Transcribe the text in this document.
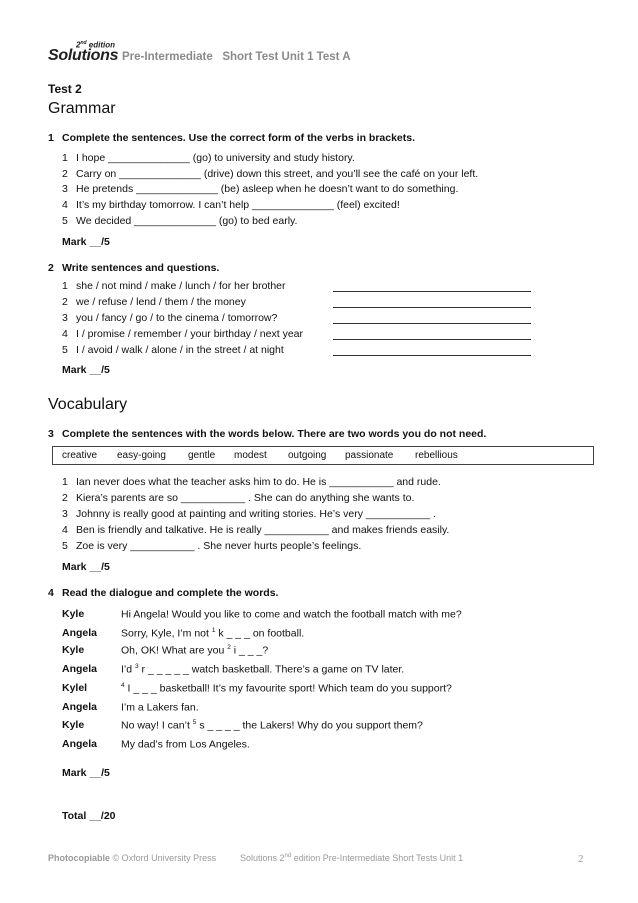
2nd edition
Solutions Pre-Intermediate   Short Test Unit 1 Test A
Test 2
Grammar
1 Complete the sentences. Use the correct form of the verbs in brackets.
1 I hope ______________ (go) to university and study history.
2 Carry on ______________ (drive) down this street, and you’ll see the café on your left.
3 He pretends ______________ (be) asleep when he doesn’t want to do something.
4 It’s my birthday tomorrow. I can’t help ______________ (feel) excited!
5 We decided ______________ (go) to bed early.
Mark __/5
2 Write sentences and questions.
1 she / not mind / make / lunch / for her brother
2 we / refuse / lend / them / the money
3 you / fancy / go / to the cinema / tomorrow?
4 I / promise / remember / your birthday / next year
5 I / avoid / walk / alone / in the street / at night
Mark __/5
Vocabulary
3 Complete the sentences with the words below. There are two words you do not need.
creative easy-going gentle modest outgoing passionate rebellious
1 Ian never does what the teacher asks him to do. He is ___________ and rude.
2 Kiera’s parents are so ___________ . She can do anything she wants to.
3 Johnny is really good at painting and writing stories. He’s very ___________ .
4 Ben is friendly and talkative. He is really ___________ and makes friends easily.
5 Zoe is very ___________ . She never hurts people’s feelings.
Mark __/5
4 Read the dialogue and complete the words.
Kyle	Hi Angela! Would you like to come and watch the football match with me?
Angela Sorry, Kyle, I’m not $^1$ k _ _ _ on football.
Kyle	Oh, OK! What are you $^2$ i _ _ _?
Angela I’d $^3$ r _ _ _ _ _ watch basketball. There’s a game on TV later.
Kylel	$^4$ I _ _ _ basketball! It’s my favourite sport! Which team do you support?
Angela I’m a Lakers fan.
Kyle	No way! I can’t $^5$ s _ _ _ _ the Lakers! Why do you support them?
Angela My dad’s from Los Angeles.
Mark __/5
Total __/20
Photocopiable © Oxford University Press	Solutions 2nd edition Pre-Intermediate Short Tests Unit 1	2
